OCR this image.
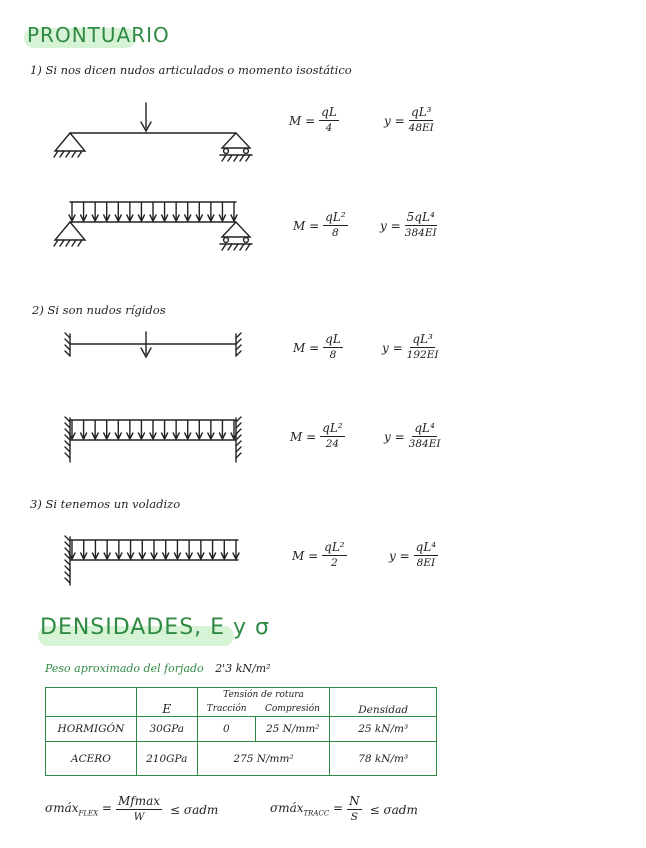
PRONTUARIO
1) Si nos dicen nudos articulados o momento isostático
$M = \frac{qL}{4}$	$y = \frac{\text{qL³}}{48EI}$
$M = \frac{\text{qL²}}{8}$	$y = \frac{\text{5qL⁴}}{384EI}$
2) Si son nudos rígidos
$M = \frac{qL}{8}$	$y = \frac{\text{qL³}}{192EI}$
$M = \frac{\text{qL²}}{24}$	$y = \frac{\text{qL⁴}}{384EI}$
3) Si tenemos un voladizo
$M = \frac{\text{qL²}}{2}$	$y = \frac{\text{qL⁴}}{8EI}$
DENSIDADES, E y σ
Peso aproximado del forjado 2'3 kN/m²
	E	Tensión de rotura		Densidad
		Tracción	Compresión	
HORMIGÓN	30GPa	0	25 N/mm²	25 kN/m³
ACERO	210GPa	275 N/mm²		78 kN/m³
σmáx$_{FLEX}$ = $\frac{Mfmax}{W} \le \sigma adm$	σmáx$_{TRACC}$ = $\frac{N}{S} \le \sigma adm$
